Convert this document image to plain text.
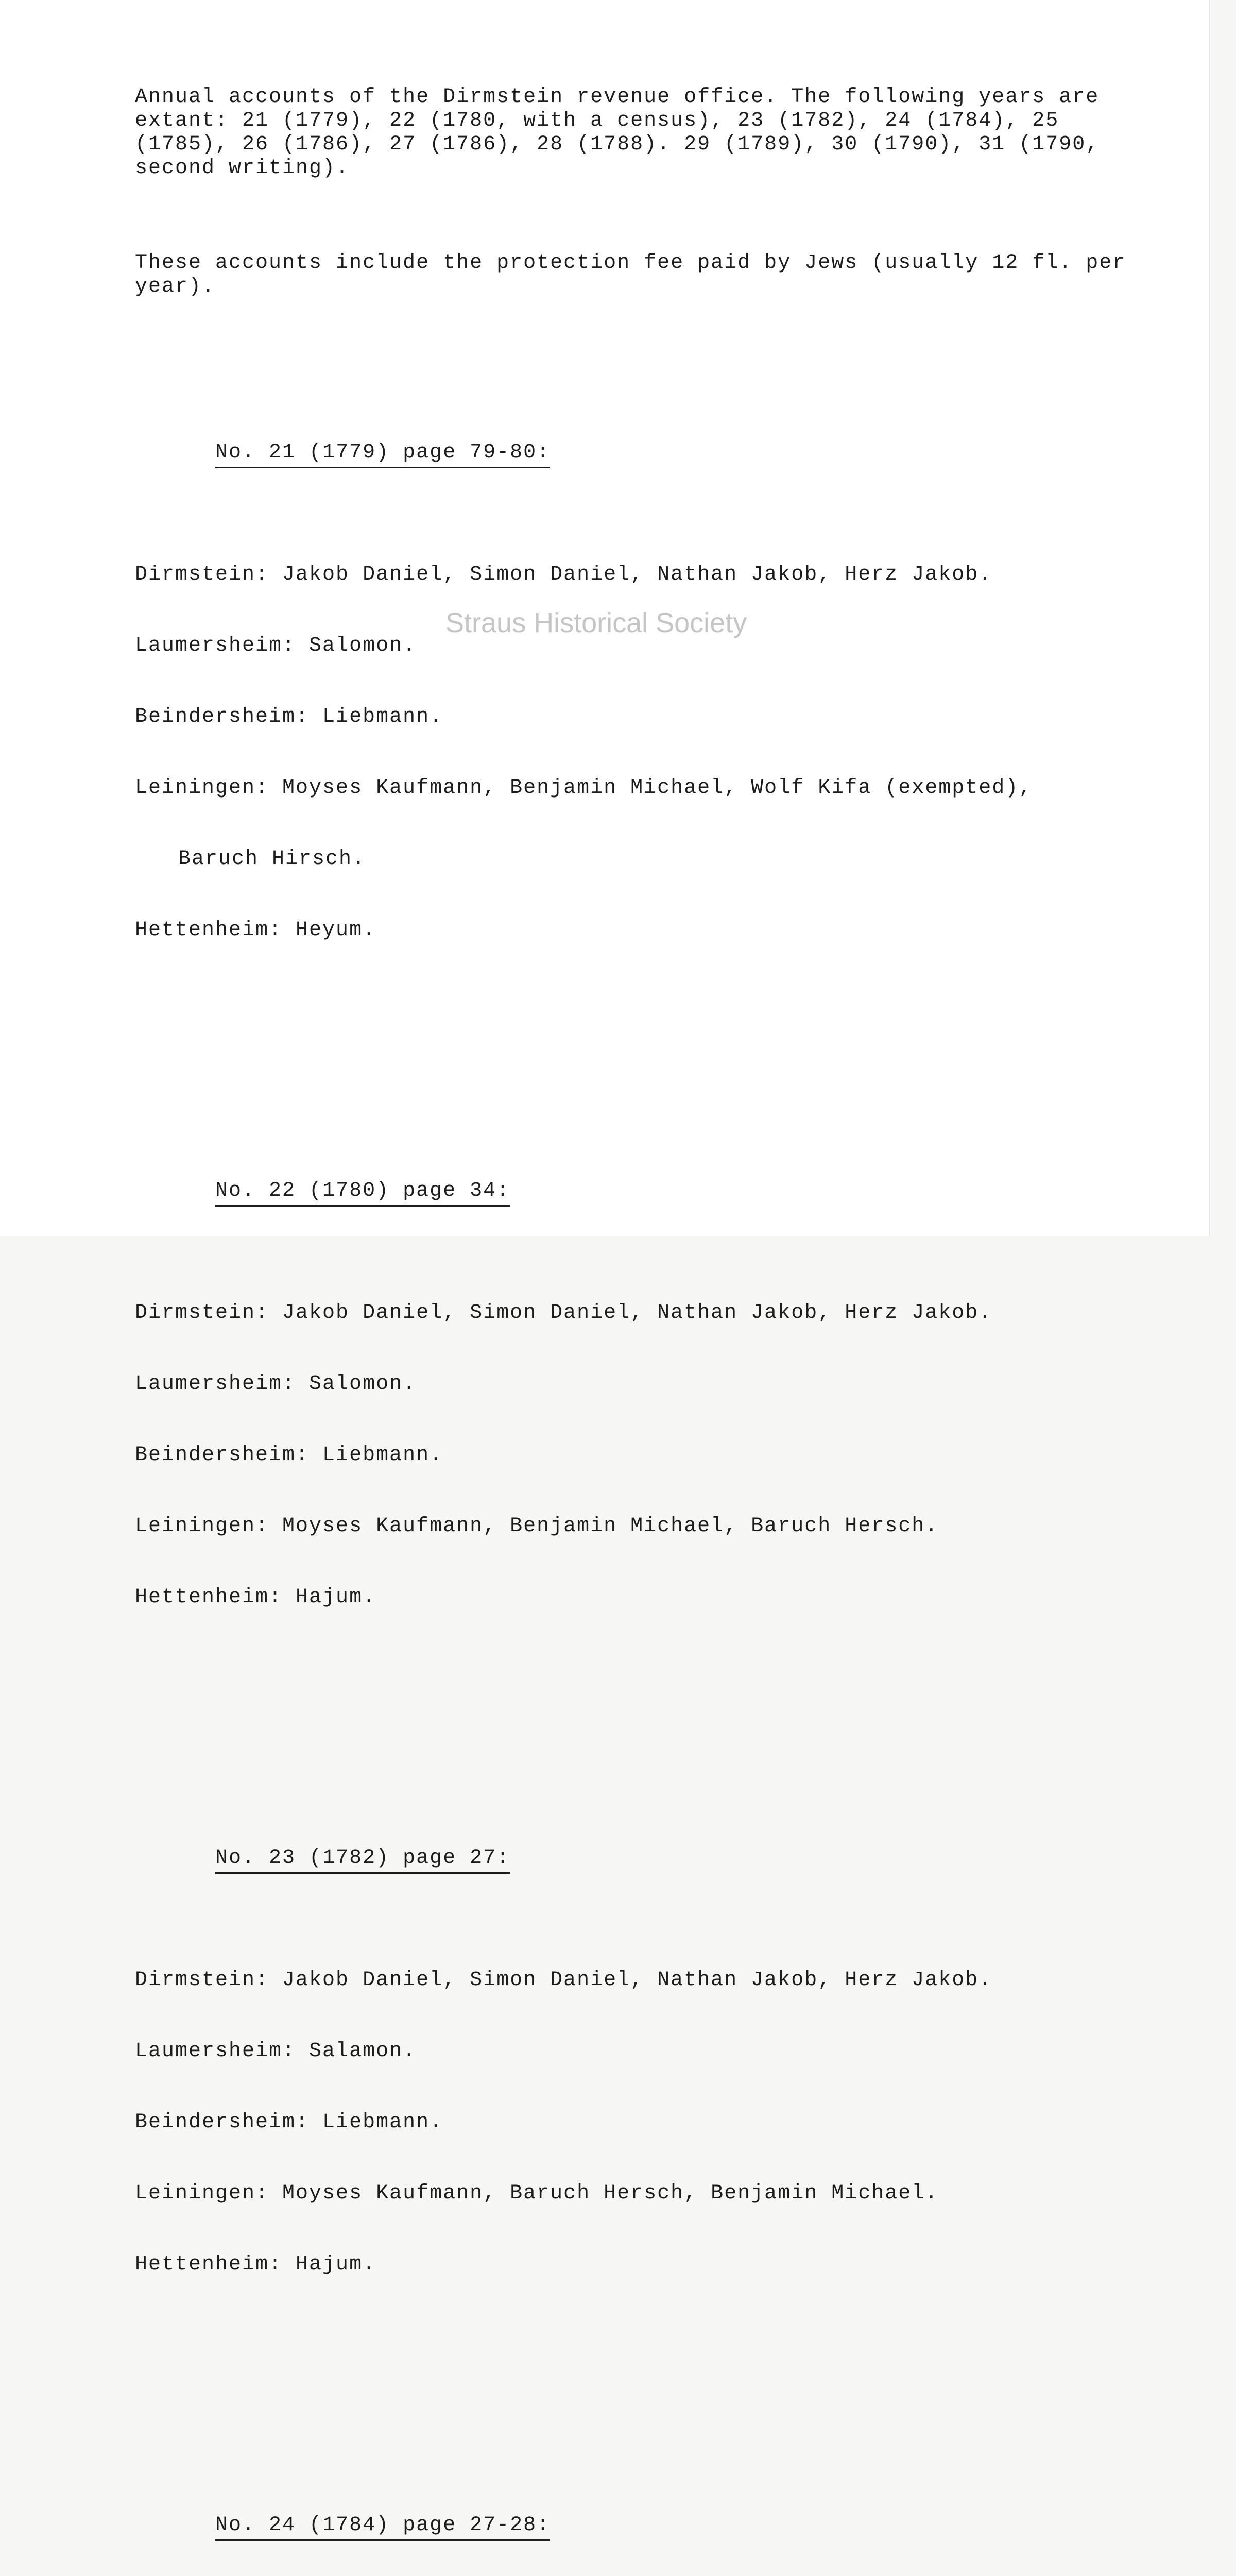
Annual accounts of the Dirmstein revenue office. The following years are extant: 21 (1779), 22 (1780, with a census), 23 (1782), 24 (1784), 25 (1785), 26 (1786), 27 (1786), 28 (1788). 29 (1789), 30 (1790), 31 (1790, second writing).

These accounts include the protection fee paid by Jews (usually 12 fl. per year).

No. 21 (1779) page 79-80:

Dirmstein: Jakob Daniel, Simon Daniel, Nathan Jakob, Herz Jakob.

Laumersheim: Salomon.

Beindersheim: Liebmann.

Leiningen: Moyses Kaufmann, Benjamin Michael, Wolf Kifa (exempted),

Baruch Hirsch.

Hettenheim: Heyum.

No. 22 (1780) page 34:

Dirmstein: Jakob Daniel, Simon Daniel, Nathan Jakob, Herz Jakob.

Laumersheim: Salomon.

Beindersheim: Liebmann.

Leiningen: Moyses Kaufmann, Benjamin Michael, Baruch Hersch.

Hettenheim: Hajum.

No. 23 (1782) page 27:

Dirmstein: Jakob Daniel, Simon Daniel, Nathan Jakob, Herz Jakob.

Laumersheim: Salamon.

Beindersheim: Liebmann.

Leiningen: Moyses Kaufmann, Baruch Hersch, Benjamin Michael.

Hettenheim: Hajum.

No. 24 (1784) page 27-28:

Straus Historical Society
